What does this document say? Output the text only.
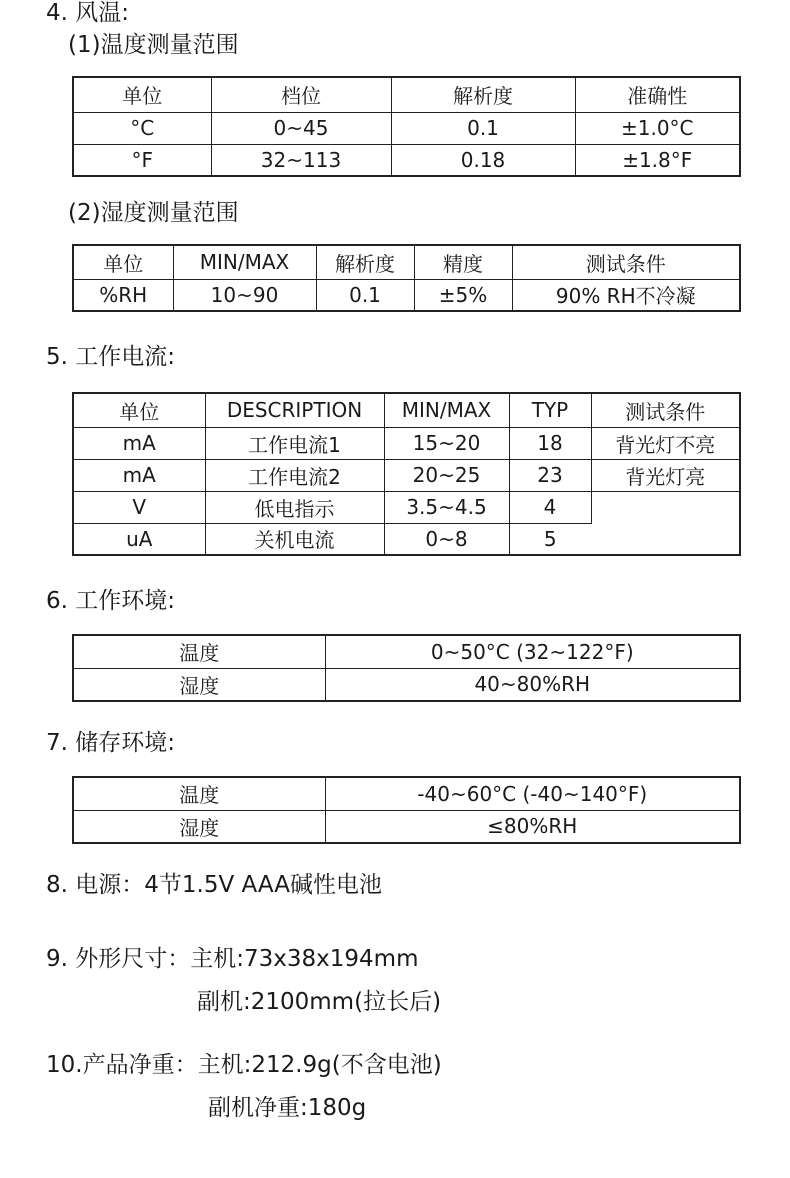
4. 风温:
(1)温度测量范围
单位	档位	解析度	准确性
°C	0~45	0.1	±1.0°C
°F	32~113	0.18	±1.8°F
(2)湿度测量范围
单位	MIN/MAX	解析度	精度	测试条件
%RH	10~90	0.1	±5%	90% RH不冷凝
5. 工作电流:
单位	DESCRIPTION	MIN/MAX	TYP	测试条件
mA	工作电流1	15~20	18	背光灯不亮
mA	工作电流2	20~25	23	背光灯亮
V	低电指示	3.5~4.5	4	
uA	关机电流	0~8	5	
6. 工作环境:
温度	0~50°C (32~122°F)
湿度	40~80%RH
7. 储存环境:
温度	-40~60°C (-40~140°F)
湿度	≤80%RH
8. 电源：4节1.5V AAA碱性电池
9. 外形尺寸：主机:73x38x194mm
副机:2100mm(拉长后)
10.产品净重：主机:212.9g(不含电池)
副机净重:180g
